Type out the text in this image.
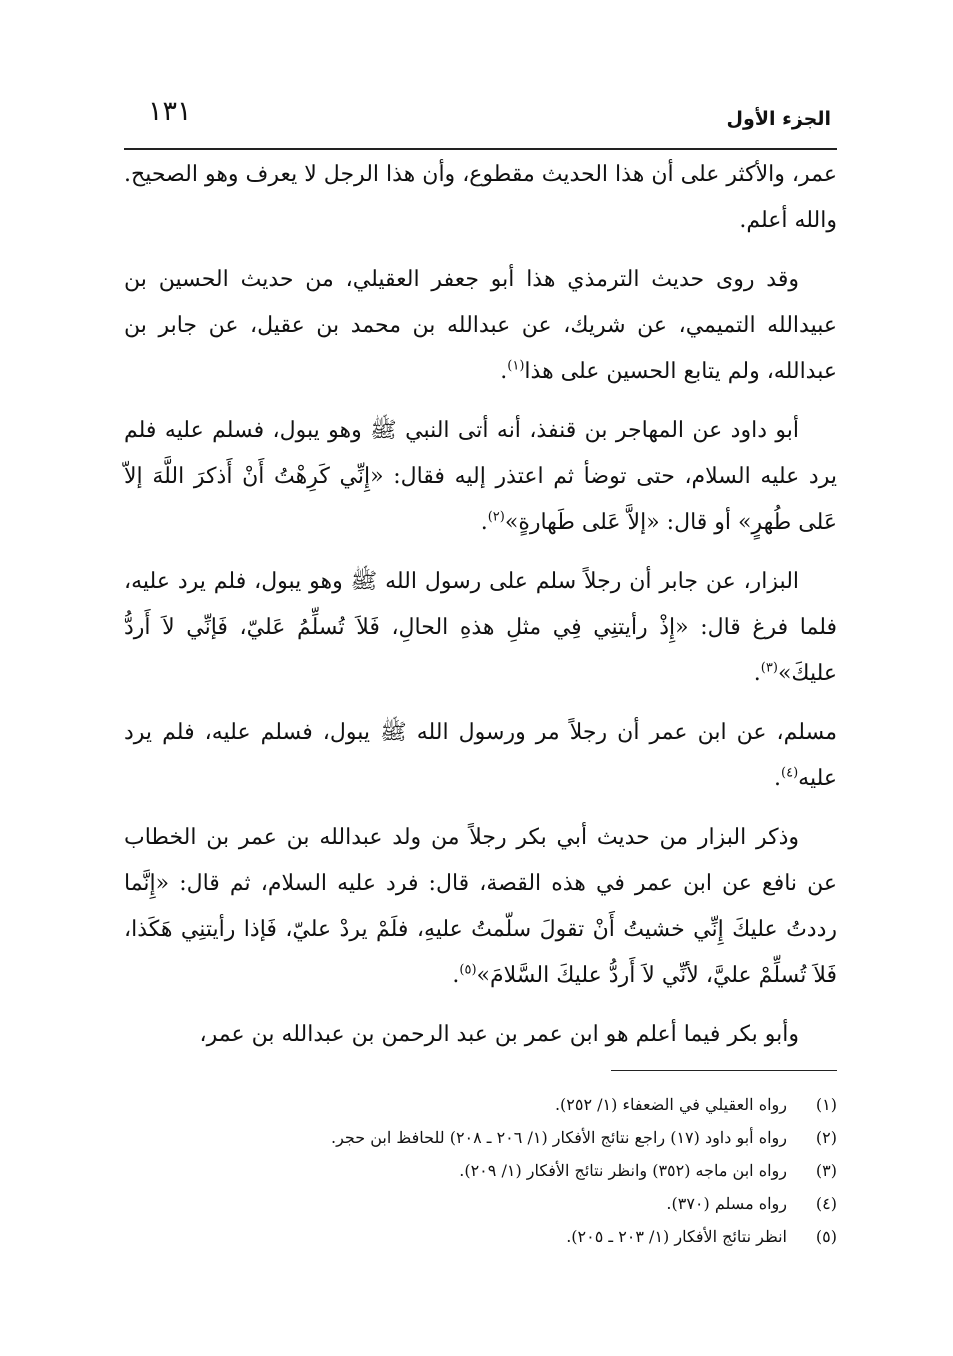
الجزء الأول
١٣١

عمر، والأكثر على أن هذا الحديث مقطوع، وأن هذا الرجل لا يعرف وهو الصحيح. والله أعلم.

وقد روى حديث الترمذي هذا أبو جعفر العقيلي، من حديث الحسين بن عبيدالله التميمي، عن شريك، عن عبدالله بن محمد بن عقيل، عن جابر بن عبدالله، ولم يتابع الحسين على هذا$^{(١)}$.

أبو داود عن المهاجر بن قنفذ، أنه أتى النبي ﷺ وهو يبول، فسلم عليه فلم يرد عليه السلام، حتى توضأ ثم اعتذر إليه فقال: «إِنِّي كَرِهْتُ أَنْ أَذكرَ اللَّهَ إلاّ عَلى طُهرٍ» أو قال: «إلاَّ عَلى طَهارةٍ»$^{(٢)}$.

البزار، عن جابر أن رجلاً سلم على رسول الله ﷺ وهو يبول، فلم يرد عليه، فلما فرغ قال: «إِذْ رأيتنِي فِي مثلِ هذهِ الحالِ، فَلاَ تُسلِّمُ عَليّ، فَإنِّي لاَ أَردُّ عليكَ»$^{(٣)}$.

مسلم، عن ابن عمر أن رجلاً مر ورسول الله ﷺ يبول، فسلم عليه، فلم يرد عليه$^{(٤)}$.

وذكر البزار من حديث أبي بكر رجلاً من ولد عبدالله بن عمر بن الخطاب عن نافع عن ابن عمر في هذه القصة، قال: فرد عليه السلام، ثم قال: «إِنَّما رددتُ عليكَ إِنِّي خشيتُ أَنْ تقولَ سلّمتُ عليهِ، فلَمْ يردْ عليّ، فَإذا رأيتنِي هَكَذا، فَلاَ تُسلِّمْ عليَّ، لأنِّي لاَ أَردُّ عليكَ السَّلامَ»$^{(٥)}$.

وأبو بكر فيما أعلم هو ابن عمر بن عبد الرحمن بن عبدالله بن عمر،

(١)
رواه العقيلي في الضعفاء (١/ ٢٥٢).
(٢)
رواه أبو داود (١٧) راجع نتائج الأفكار (١/ ٢٠٦ ـ ٢٠٨) للحافظ ابن حجر.
(٣)
رواه ابن ماجه (٣٥٢) وانظر نتائج الأفكار (١/ ٢٠٩).
(٤)
رواه مسلم (٣٧٠).
(٥)
انظر نتائج الأفكار (١/ ٢٠٣ ـ ٢٠٥).
